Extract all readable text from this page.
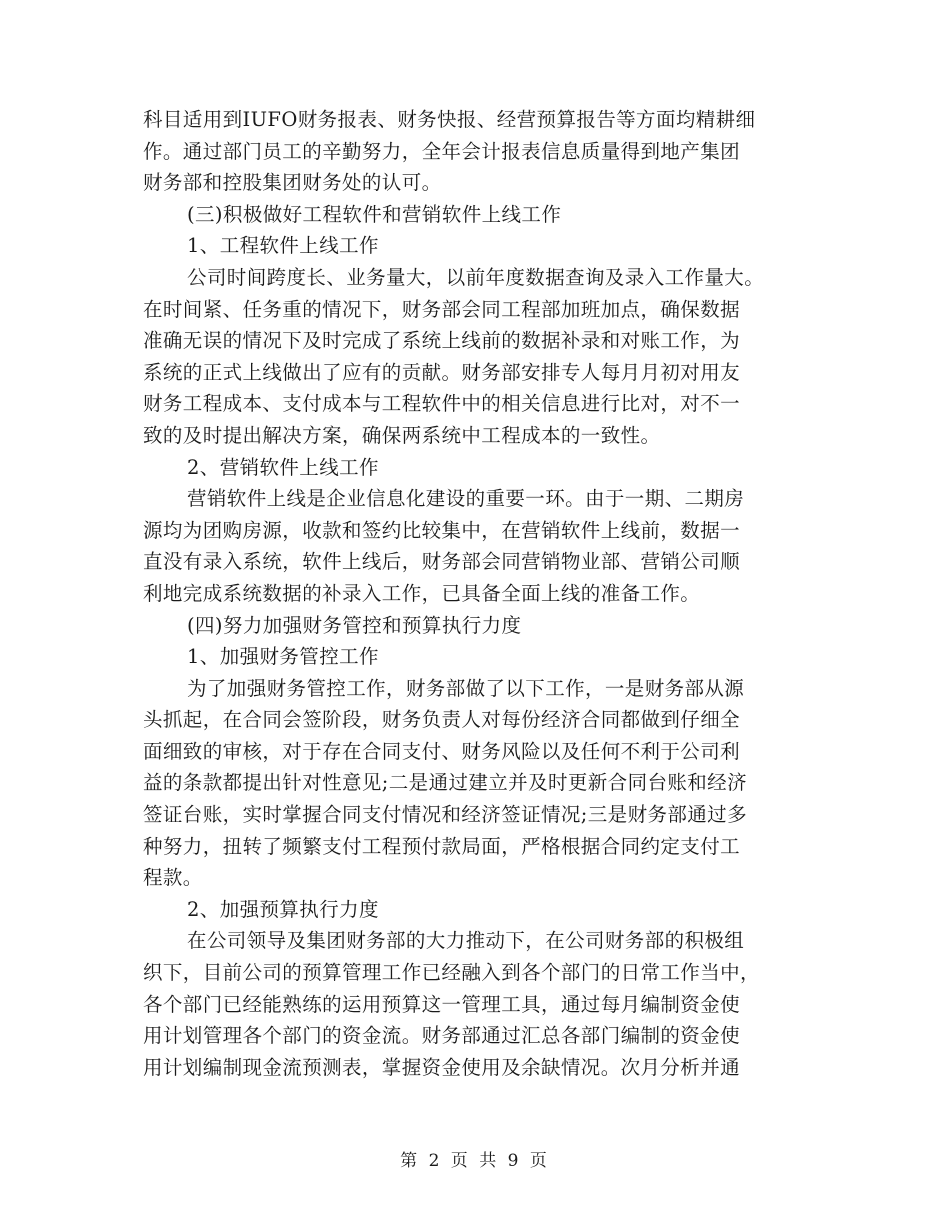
科目适用到IUFO财务报表、财务快报、经营预算报告等方面均精耕细
作。通过部门员工的辛勤努力，全年会计报表信息质量得到地产集团
财务部和控股集团财务处的认可。
(三)积极做好工程软件和营销软件上线工作
1、工程软件上线工作
公司时间跨度长、业务量大，以前年度数据查询及录入工作量大。
在时间紧、任务重的情况下，财务部会同工程部加班加点，确保数据
准确无误的情况下及时完成了系统上线前的数据补录和对账工作，为
系统的正式上线做出了应有的贡献。财务部安排专人每月月初对用友
财务工程成本、支付成本与工程软件中的相关信息进行比对，对不一
致的及时提出解决方案，确保两系统中工程成本的一致性。
2、营销软件上线工作
营销软件上线是企业信息化建设的重要一环。由于一期、二期房
源均为团购房源，收款和签约比较集中，在营销软件上线前，数据一
直没有录入系统，软件上线后，财务部会同营销物业部、营销公司顺
利地完成系统数据的补录入工作，已具备全面上线的准备工作。
(四)努力加强财务管控和预算执行力度
1、加强财务管控工作
为了加强财务管控工作，财务部做了以下工作，一是财务部从源
头抓起，在合同会签阶段，财务负责人对每份经济合同都做到仔细全
面细致的审核，对于存在合同支付、财务风险以及任何不利于公司利
益的条款都提出针对性意见;二是通过建立并及时更新合同台账和经济
签证台账，实时掌握合同支付情况和经济签证情况;三是财务部通过多
种努力，扭转了频繁支付工程预付款局面，严格根据合同约定支付工
程款。
2、加强预算执行力度
在公司领导及集团财务部的大力推动下，在公司财务部的积极组
织下，目前公司的预算管理工作已经融入到各个部门的日常工作当中，
各个部门已经能熟练的运用预算这一管理工具，通过每月编制资金使
用计划管理各个部门的资金流。财务部通过汇总各部门编制的资金使
用计划编制现金流预测表，掌握资金使用及余缺情况。次月分析并通
第 2 页 共 9 页
